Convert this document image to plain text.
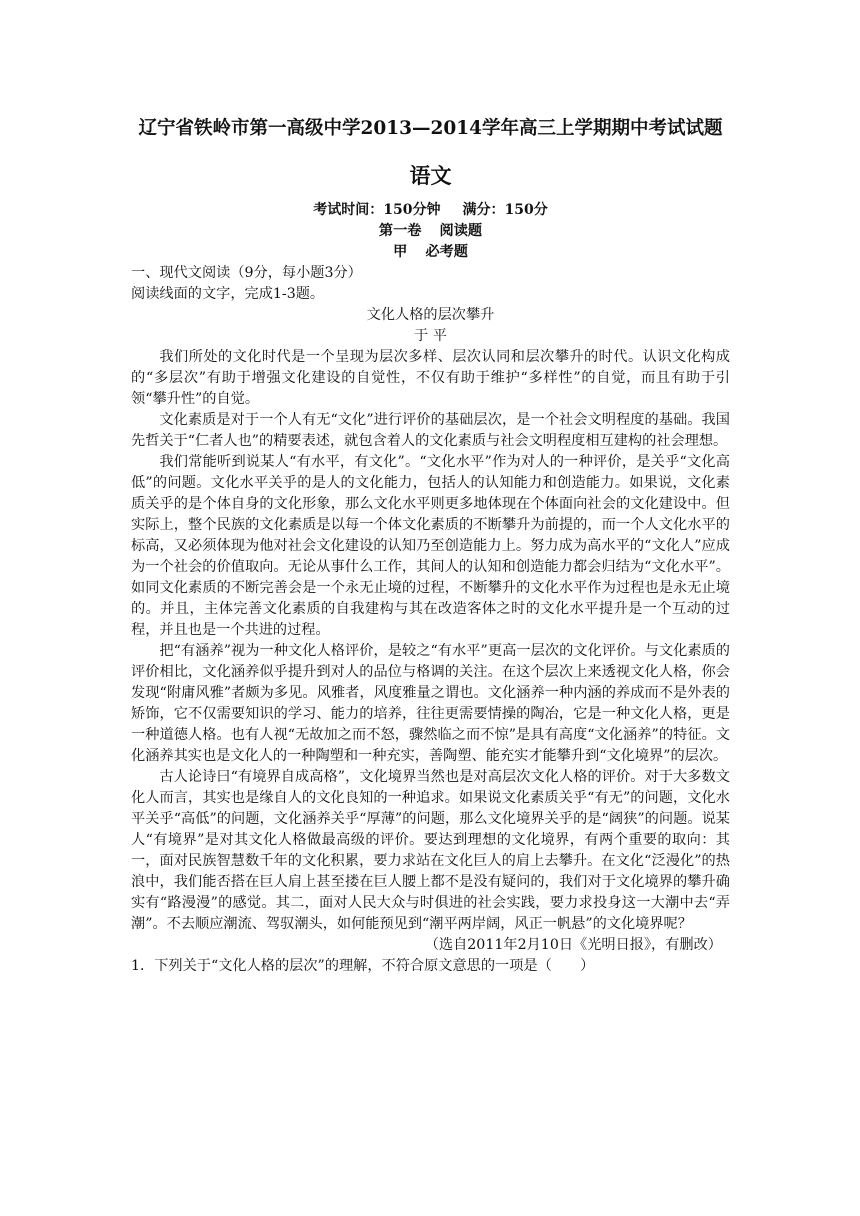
辽宁省铁岭市第一高级中学2013—2014学年高三上学期期中考试试题
语文
考试时间：150分钟 满分：150分
第一卷 阅读题
甲 必考题
一、现代文阅读（9分，每小题3分）
阅读线面的文字，完成1-3题。
文化人格的层次攀升
于 平

我们所处的文化时代是一个呈现为层次多样、层次认同和层次攀升的时代。认识文化构成的“多层次”有助于增强文化建设的自觉性，不仅有助于维护“多样性”的自觉，而且有助于引领“攀升性”的自觉。

文化素质是对于一个人有无“文化”进行评价的基础层次，是一个社会文明程度的基础。我国先哲关于“仁者人也”的精要表述，就包含着人的文化素质与社会文明程度相互建构的社会理想。

我们常能听到说某人“有水平，有文化”。“文化水平”作为对人的一种评价，是关乎“文化高低”的问题。文化水平关乎的是人的文化能力，包括人的认知能力和创造能力。如果说，文化素质关乎的是个体自身的文化形象，那么文化水平则更多地体现在个体面向社会的文化建设中。但实际上，整个民族的文化素质是以每一个体文化素质的不断攀升为前提的，而一个人文化水平的标高，又必须体现为他对社会文化建设的认知乃至创造能力上。努力成为高水平的“文化人”应成为一个社会的价值取向。无论从事什么工作，其间人的认知和创造能力都会归结为“文化水平”。如同文化素质的不断完善会是一个永无止境的过程，不断攀升的文化水平作为过程也是永无止境的。并且，主体完善文化素质的自我建构与其在改造客体之时的文化水平提升是一个互动的过程，并且也是一个共进的过程。

把“有涵养”视为一种文化人格评价，是较之“有水平”更高一层次的文化评价。与文化素质的评价相比，文化涵养似乎提升到对人的品位与格调的关注。在这个层次上来透视文化人格，你会发现“附庸风雅”者颇为多见。风雅者，风度雅量之谓也。文化涵养一种内涵的养成而不是外表的矫饰，它不仅需要知识的学习、能力的培养，往往更需要情操的陶冶，它是一种文化人格，更是一种道德人格。也有人视“无故加之而不怒，骤然临之而不惊”是具有高度“文化涵养”的特征。文化涵养其实也是文化人的一种陶塑和一种充实，善陶塑、能充实才能攀升到“文化境界”的层次。

古人论诗曰“有境界自成高格”，文化境界当然也是对高层次文化人格的评价。对于大多数文化人而言，其实也是缘自人的文化良知的一种追求。如果说文化素质关乎“有无”的问题，文化水平关乎“高低”的问题，文化涵养关乎“厚薄”的问题，那么文化境界关乎的是“阔狭”的问题。说某人“有境界”是对其文化人格做最高级的评价。要达到理想的文化境界，有两个重要的取向：其一，面对民族智慧数千年的文化积累，要力求站在文化巨人的肩上去攀升。在文化“泛漫化”的热浪中，我们能否搭在巨人肩上甚至搂在巨人腰上都不是没有疑问的，我们对于文化境界的攀升确实有“路漫漫”的感觉。其二，面对人民大众与时俱进的社会实践，要力求投身这一大潮中去“弄潮”。不去顺应潮流、驾驭潮头，如何能预见到“潮平两岸阔，风正一帆悬”的文化境界呢？

（选自2011年2月10日《光明日报》，有删改）
1．下列关于“文化人格的层次”的理解，不符合原文意思的一项是（　　）
